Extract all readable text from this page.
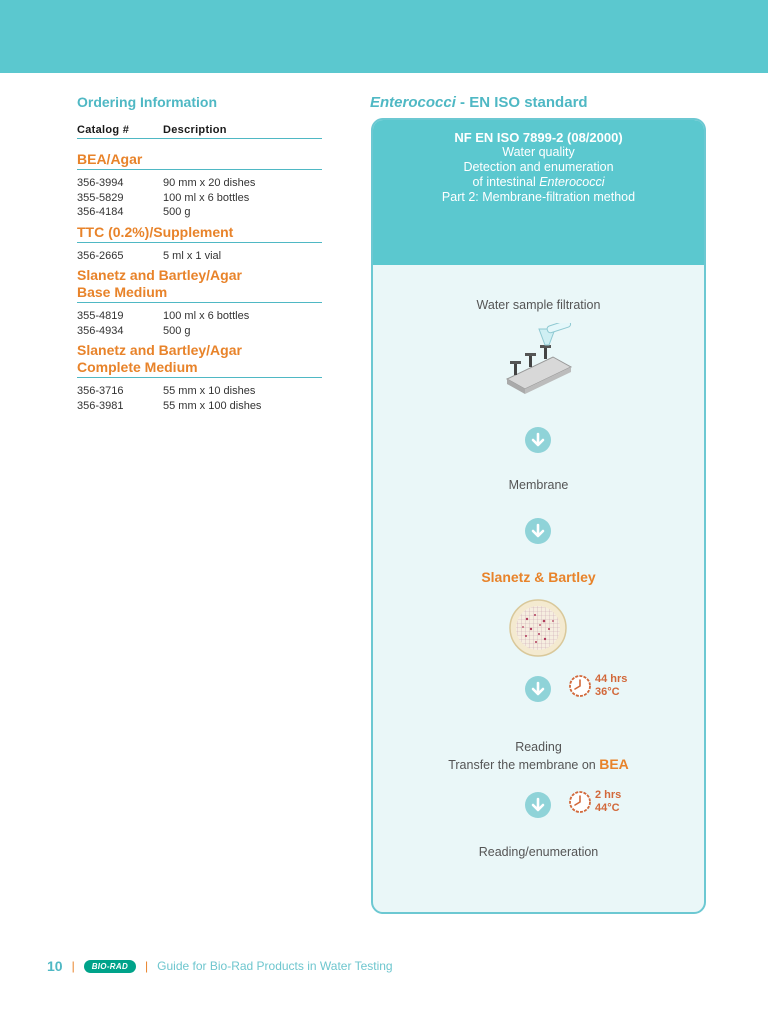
Ordering Information
Catalog #	Description
BEA/Agar
356-3994	90 mm x 20 dishes
355-5829	100 ml x 6 bottles
356-4184	500 g
TTC (0.2%)/Supplement
356-2665	5 ml x 1 vial
Slanetz and Bartley/Agar
Base Medium
355-4819	100 ml x 6 bottles
356-4934	500 g
Slanetz and Bartley/Agar
Complete Medium
356-3716	55 mm x 10 dishes
356-3981	55 mm x 100 dishes
Enterococci - EN ISO standard
NF EN ISO 7899-2 (08/2000)
Water quality
Detection and enumeration
of intestinal Enterococci
Part 2: Membrane-filtration method
Water sample filtration
Membrane
Slanetz & Bartley
44 hrs
36°C
Reading
Transfer the membrane on BEA
2 hrs
44°C
Reading/enumeration
10 |	BIO-RAD	| Guide for Bio-Rad Products in Water Testing
